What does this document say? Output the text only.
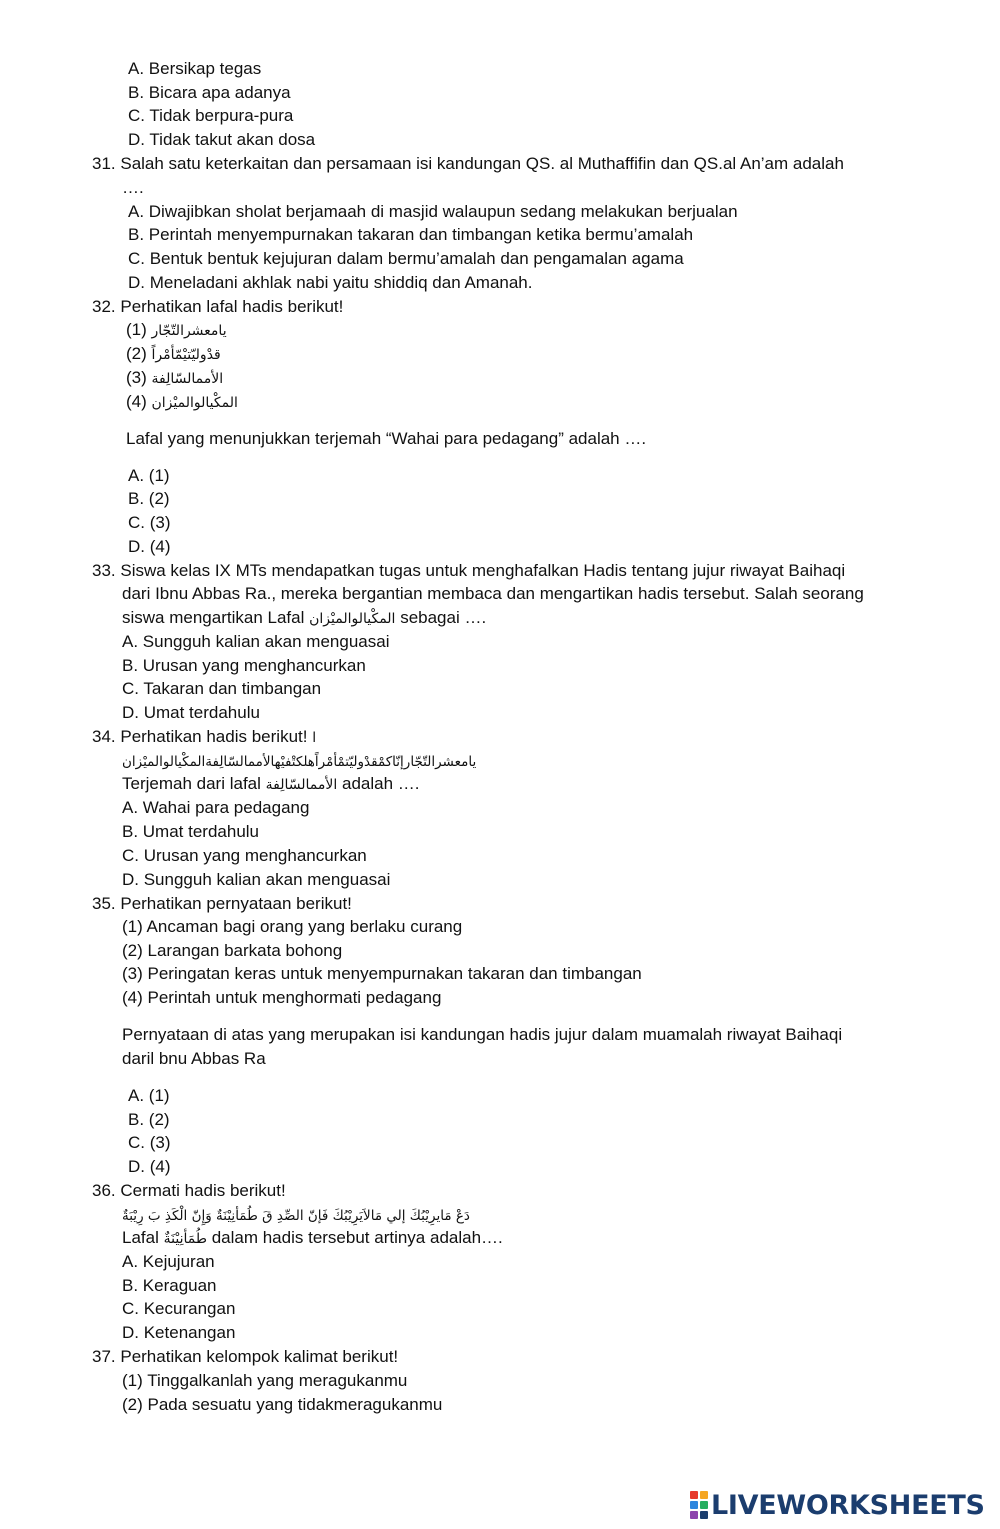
A. Bersikap tegas
B. Bicara apa adanya
C. Tidak berpura-pura
D. Tidak takut akan dosa
31. Salah satu keterkaitan dan persamaan isi kandungan QS. al Muthaffifin dan QS.al An’am adalah
….
A. Diwajibkan sholat berjamaah di masjid walaupun sedang melakukan berjualan
B. Perintah menyempurnakan takaran dan timbangan ketika bermu’amalah
C. Bentuk bentuk kejujuran dalam bermu’amalah dan pengamalan agama
D. Meneladani akhlak nabi yaitu shiddiq dan Amanah.
32. Perhatikan lafal hadis berikut!
(1) يامعشرالتّجّار
(2) قدْوليّتيْمّأمْراً
(3) الأممالسّالِفة
(4) المكْيالوالميْزان
Lafal yang menunjukkan terjemah “Wahai para pedagang” adalah ….
A. (1)
B. (2)
C. (3)
D. (4)
33. Siswa kelas IX MTs mendapatkan tugas untuk menghafalkan Hadis tentang jujur riwayat Baihaqi
dari Ibnu Abbas Ra., mereka bergantian membaca dan mengartikan hadis tersebut. Salah seorang
siswa mengartikan Lafal المكْيالوالميْزان sebagai ….
A. Sungguh kalian akan menguasai
B. Urusan yang menghancurkan
C. Takaran dan timbangan
D. Umat terdahulu
34. Perhatikan hadis berikut! ا
يامعشرالتّجّارإنّاكمْقدْوليّتمْأمْراًهلكتْفيْهالأممالسّالِفةالمكْيالوالميْزان
Terjemah dari lafal الأممالسّالِفة adalah ….
A. Wahai para pedagang
B. Umat terdahulu
C. Urusan yang menghancurkan
D. Sungguh kalian akan menguasai
35. Perhatikan pernyataan berikut!
(1) Ancaman bagi orang yang berlaku curang
(2) Larangan barkata bohong
(3) Peringatan keras untuk menyempurnakan takaran dan timbangan
(4) Perintah untuk menghormati pedagang
Pernyataan di atas yang merupakan isi kandungan hadis jujur dalam muamalah riwayat Baihaqi
daril bnu Abbas Ra
A. (1)
B. (2)
C. (3)
D. (4)
36. Cermati hadis berikut!
دَعْ مَايرِيْبُكَ إلي مَالاَيَرِيْبُكَ فَإنّ الصِّدِ قَ طُمَأنِيْنَةٌ وَإِنّ الْكَذِ بَ رِيْبَةٌ
Lafal طُمَأنِيْنَةٌ dalam hadis tersebut artinya adalah….
A. Kejujuran
B. Keraguan
C. Kecurangan
D. Ketenangan
37. Perhatikan kelompok kalimat berikut!
(1) Tinggalkanlah yang meragukanmu
(2) Pada sesuatu yang tidakmeragukanmu
LIVEWORKSHEETS
